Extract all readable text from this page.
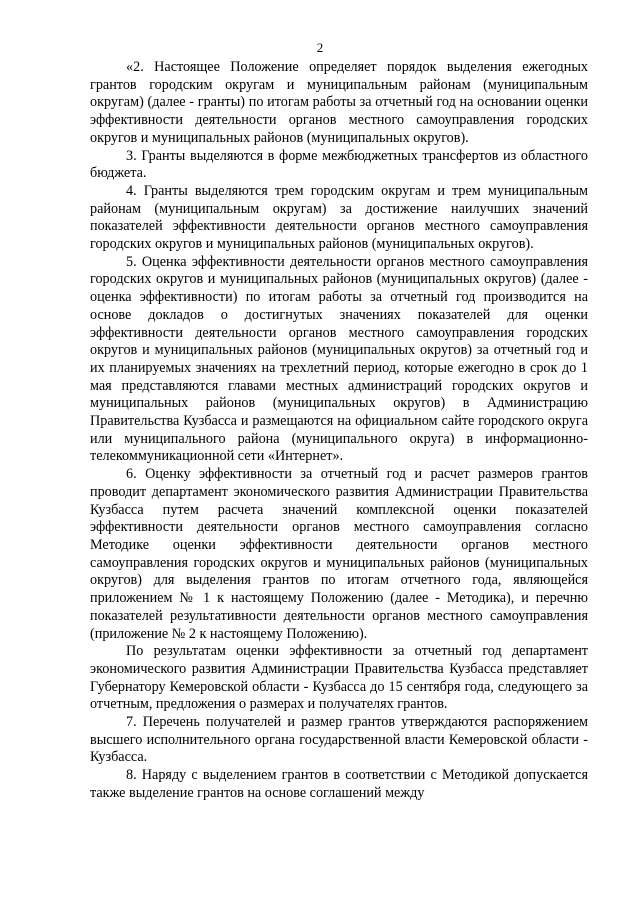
2

«2. Настоящее Положение определяет порядок выделения ежегодных грантов городским округам и муниципальным районам (муниципальным округам) (далее - гранты) по итогам работы за отчетный год на основании оценки эффективности деятельности органов местного самоуправления городских округов и муниципальных районов (муниципальных округов).

3. Гранты выделяются в форме межбюджетных трансфертов из областного бюджета.

4. Гранты выделяются трем городским округам и трем муниципальным районам (муниципальным округам) за достижение наилучших значений показателей эффективности деятельности органов местного самоуправления городских округов и муниципальных районов (муниципальных округов).

5. Оценка эффективности деятельности органов местного самоуправления городских округов и муниципальных районов (муниципальных округов) (далее - оценка эффективности) по итогам работы за отчетный год производится на основе докладов о достигнутых значениях показателей для оценки эффективности деятельности органов местного самоуправления городских округов и муниципальных районов (муниципальных округов) за отчетный год и их планируемых значениях на трехлетний период, которые ежегодно в срок до 1 мая представляются главами местных администраций городских округов и муниципальных районов (муниципальных округов) в Администрацию Правительства Кузбасса и размещаются на официальном сайте городского округа или муниципального района (муниципального округа) в информационно-телекоммуникационной сети «Интернет».

6. Оценку эффективности за отчетный год и расчет размеров грантов проводит департамент экономического развития Администрации Правительства Кузбасса путем расчета значений комплексной оценки показателей эффективности деятельности органов местного самоуправления согласно Методике оценки эффективности деятельности органов местного самоуправления городских округов и муниципальных районов (муниципальных округов) для выделения грантов по итогам отчетного года, являющейся приложением № 1 к настоящему Положению (далее - Методика), и перечню показателей результативности деятельности органов местного самоуправления (приложение № 2 к настоящему Положению).

По результатам оценки эффективности за отчетный год департамент экономического развития Администрации Правительства Кузбасса представляет Губернатору Кемеровской области - Кузбасса до 15 сентября года, следующего за отчетным, предложения о размерах и получателях грантов.

7. Перечень получателей и размер грантов утверждаются распоряжением высшего исполнительного органа государственной власти Кемеровской области - Кузбасса.

8. Наряду с выделением грантов в соответствии с Методикой допускается также выделение грантов на основе соглашений между
